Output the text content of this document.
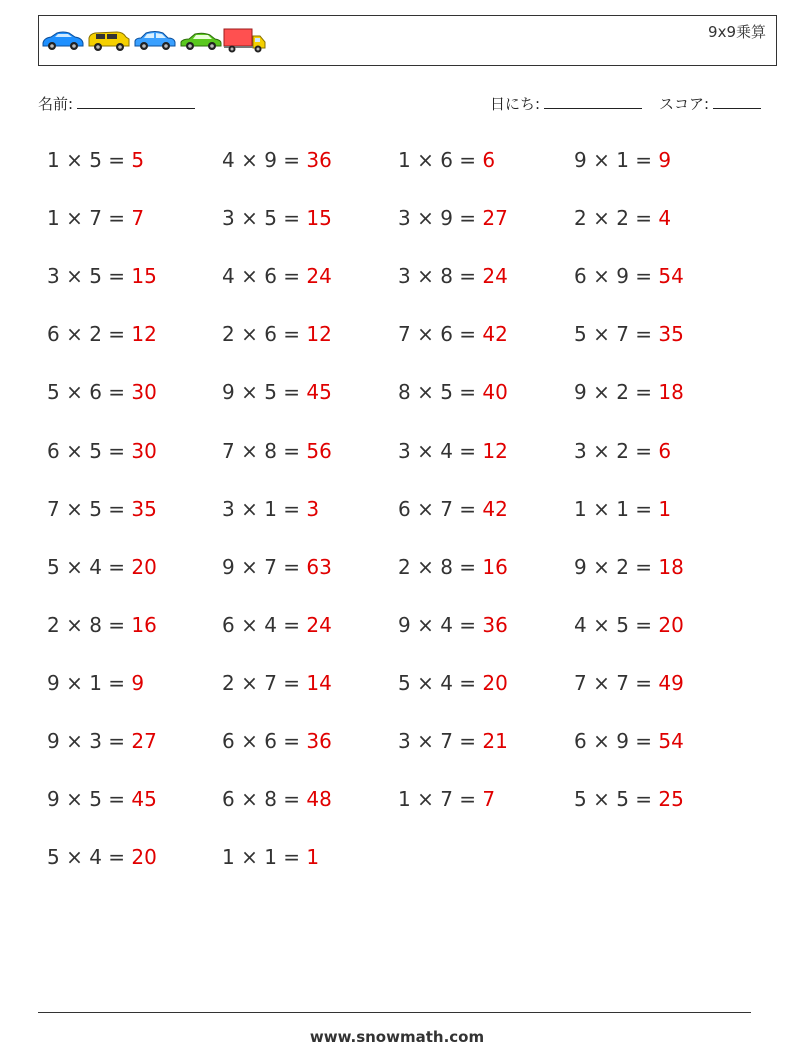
9x9乗算
名前:	日にち:	スコア:
1 × 5 = 5	4 × 9 = 36	1 × 6 = 6	9 × 1 = 9
1 × 7 = 7	3 × 5 = 15	3 × 9 = 27	2 × 2 = 4
3 × 5 = 15	4 × 6 = 24	3 × 8 = 24	6 × 9 = 54
6 × 2 = 12	2 × 6 = 12	7 × 6 = 42	5 × 7 = 35
5 × 6 = 30	9 × 5 = 45	8 × 5 = 40	9 × 2 = 18
6 × 5 = 30	7 × 8 = 56	3 × 4 = 12	3 × 2 = 6
7 × 5 = 35	3 × 1 = 3	6 × 7 = 42	1 × 1 = 1
5 × 4 = 20	9 × 7 = 63	2 × 8 = 16	9 × 2 = 18
2 × 8 = 16	6 × 4 = 24	9 × 4 = 36	4 × 5 = 20
9 × 1 = 9	2 × 7 = 14	5 × 4 = 20	7 × 7 = 49
9 × 3 = 27	6 × 6 = 36	3 × 7 = 21	6 × 9 = 54
9 × 5 = 45	6 × 8 = 48	1 × 7 = 7	5 × 5 = 25
5 × 4 = 20	1 × 1 = 1
www.snowmath.com
